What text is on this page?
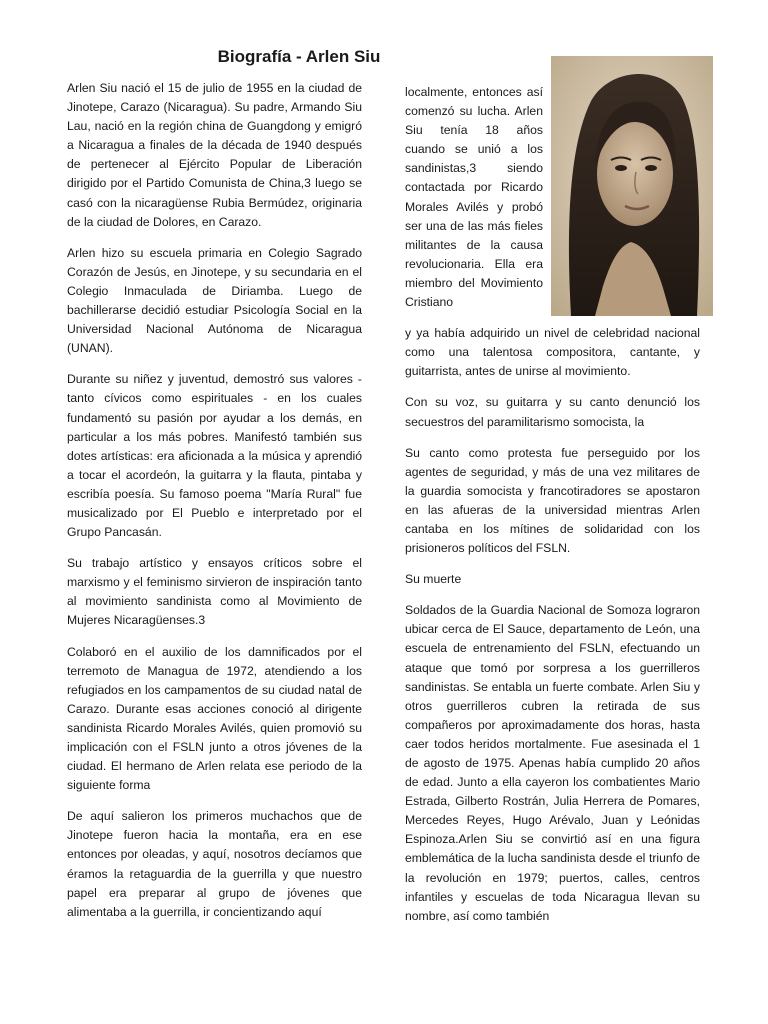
Biografía - Arlen Siu

Arlen Siu nació el 15 de julio de 1955 en la ciudad de Jinotepe, Carazo (Nicaragua). Su padre, Armando Siu Lau, nació en la región china de Guangdong y emigró a Nicaragua a finales de la década de 1940 después de pertenecer al Ejército Popular de Liberación dirigido por el Partido Comunista de China,3 luego se casó con la nicaragüense Rubia Bermúdez, originaria de la ciudad de Dolores, en Carazo.

Arlen hizo su escuela primaria en Colegio Sagrado Corazón de Jesús, en Jinotepe, y su secundaria en el Colegio Inmaculada de Diriamba. Luego de bachillerarse decidió estudiar Psicología Social en la Universidad Nacional Autónoma de Nicaragua (UNAN).

Durante su niñez y juventud, demostró sus valores - tanto cívicos como espirituales - en los cuales fundamentó su pasión por ayudar a los demás, en particular a los más pobres. Manifestó también sus dotes artísticas: era aficionada a la música y aprendió a tocar el acordeón, la guitarra y la flauta, pintaba y escribía poesía. Su famoso poema "María Rural" fue musicalizado por El Pueblo e interpretado por el Grupo Pancasán.

Su trabajo artístico y ensayos críticos sobre el marxismo y el feminismo sirvieron de inspiración tanto al movimiento sandinista como al Movimiento de Mujeres Nicaragüenses.3

Colaboró en el auxilio de los damnificados por el terremoto de Managua de 1972, atendiendo a los refugiados en los campamentos de su ciudad natal de Carazo. Durante esas acciones conoció al dirigente sandinista Ricardo Morales Avilés, quien promovió su implicación con el FSLN junto a otros jóvenes de la ciudad. El hermano de Arlen relata ese periodo de la siguiente forma

De aquí salieron los primeros muchachos que de Jinotepe fueron hacia la montaña, era en ese entonces por oleadas, y aquí, nosotros decíamos que éramos la retaguardia de la guerrilla y que nuestro papel era preparar al grupo de jóvenes que alimentaba a la guerrilla, ir concientizando aquí

localmente, entonces así comenzó su lucha. Arlen Siu tenía 18 años cuando se unió a los sandinistas,3 siendo contactada por Ricardo Morales Avilés y probó ser una de las más fieles militantes de la causa revolucionaria. Ella era miembro del Movimiento Cristiano

y ya había adquirido un nivel de celebridad nacional como una talentosa compositora, cantante, y guitarrista, antes de unirse al movimiento.

Con su voz, su guitarra y su canto denunció los secuestros del paramilitarismo somocista, la

Su canto como protesta fue perseguido por los agentes de seguridad, y más de una vez militares de la guardia somocista y francotiradores se apostaron en las afueras de la universidad mientras Arlen cantaba en los mítines de solidaridad con los prisioneros políticos del FSLN.

Su muerte

Soldados de la Guardia Nacional de Somoza lograron ubicar cerca de El Sauce, departamento de León, una escuela de entrenamiento del FSLN, efectuando un ataque que tomó por sorpresa a los guerrilleros sandinistas. Se entabla un fuerte combate. Arlen Siu y otros guerrilleros cubren la retirada de sus compañeros por aproximadamente dos horas, hasta caer todos heridos mortalmente. Fue asesinada el 1 de agosto de 1975. Apenas había cumplido 20 años de edad. Junto a ella cayeron los combatientes Mario Estrada, Gilberto Rostrán, Julia Herrera de Pomares, Mercedes Reyes, Hugo Arévalo, Juan y Leónidas Espinoza.Arlen Siu se convirtió así en una figura emblemática de la lucha sandinista desde el triunfo de la revolución en 1979; puertos, calles, centros infantiles y escuelas de toda Nicaragua llevan su nombre, así como también
